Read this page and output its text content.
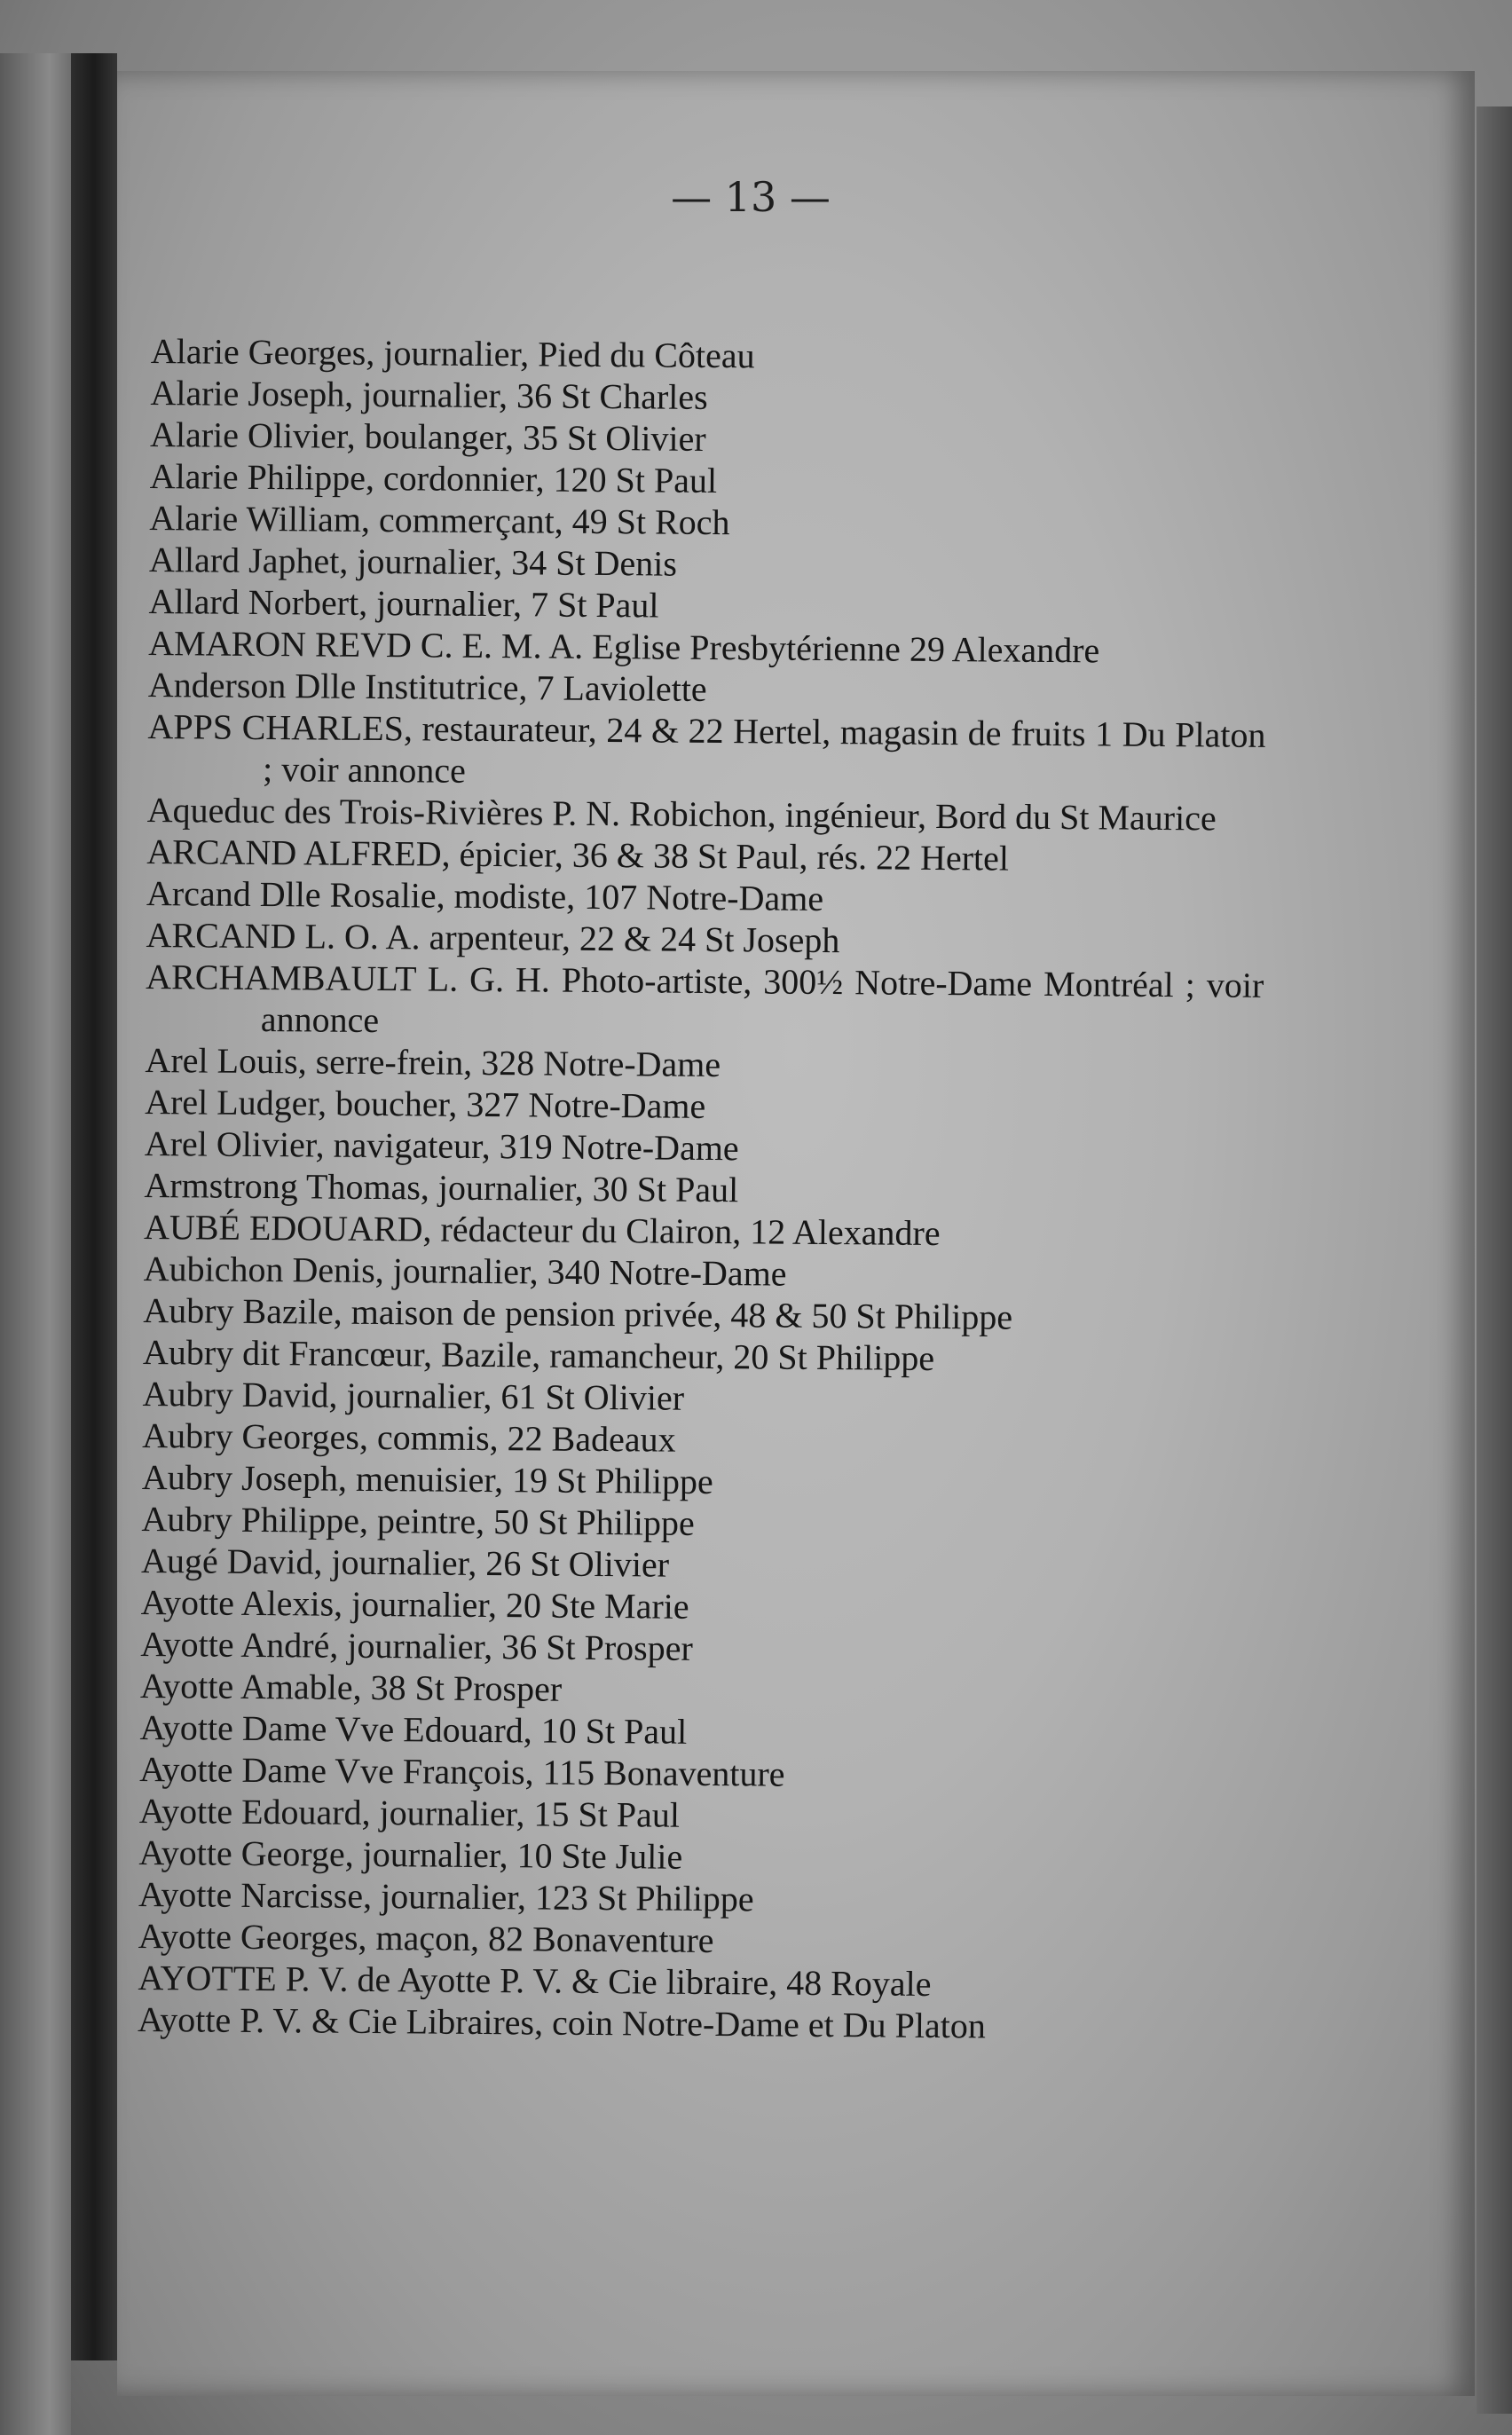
— 13 —

Alarie Georges, journalier, Pied du Côteau

Alarie Joseph, journalier, 36 St Charles

Alarie Olivier, boulanger, 35 St Olivier

Alarie Philippe, cordonnier, 120 St Paul

Alarie William, commerçant, 49 St Roch

Allard Japhet, journalier, 34 St Denis

Allard Norbert, journalier, 7 St Paul

AMARON REVD C. E. M. A. Eglise Presbytérienne 29 Alexandre

Anderson Dlle Institutrice, 7 Laviolette

APPS CHARLES, restaurateur, 24 & 22 Hertel, magasin de fruits 1 Du Platon ; voir annonce

Aqueduc des Trois-Rivières P. N. Robichon, ingénieur, Bord du St Maurice

ARCAND ALFRED, épicier, 36 & 38 St Paul, rés. 22 Hertel

Arcand Dlle Rosalie, modiste, 107 Notre-Dame

ARCAND L. O. A. arpenteur, 22 & 24 St Joseph

ARCHAMBAULT L. G. H. Photo-artiste, 300½ Notre-Dame Montréal ; voir annonce

Arel Louis, serre-frein, 328 Notre-Dame

Arel Ludger, boucher, 327 Notre-Dame

Arel Olivier, navigateur, 319 Notre-Dame

Armstrong Thomas, journalier, 30 St Paul

AUBÉ EDOUARD, rédacteur du Clairon, 12 Alexandre

Aubichon Denis, journalier, 340 Notre-Dame

Aubry Bazile, maison de pension privée, 48 & 50 St Philippe

Aubry dit Francœur, Bazile, ramancheur, 20 St Philippe

Aubry David, journalier, 61 St Olivier

Aubry Georges, commis, 22 Badeaux

Aubry Joseph, menuisier, 19 St Philippe

Aubry Philippe, peintre, 50 St Philippe

Augé David, journalier, 26 St Olivier

Ayotte Alexis, journalier, 20 Ste Marie

Ayotte André, journalier, 36 St Prosper

Ayotte Amable, 38 St Prosper

Ayotte Dame Vve Edouard, 10 St Paul

Ayotte Dame Vve François, 115 Bonaventure

Ayotte Edouard, journalier, 15 St Paul

Ayotte George, journalier, 10 Ste Julie

Ayotte Narcisse, journalier, 123 St Philippe

Ayotte Georges, maçon, 82 Bonaventure

AYOTTE P. V. de Ayotte P. V. & Cie libraire, 48 Royale

Ayotte P. V. & Cie Libraires, coin Notre-Dame et Du Platon
